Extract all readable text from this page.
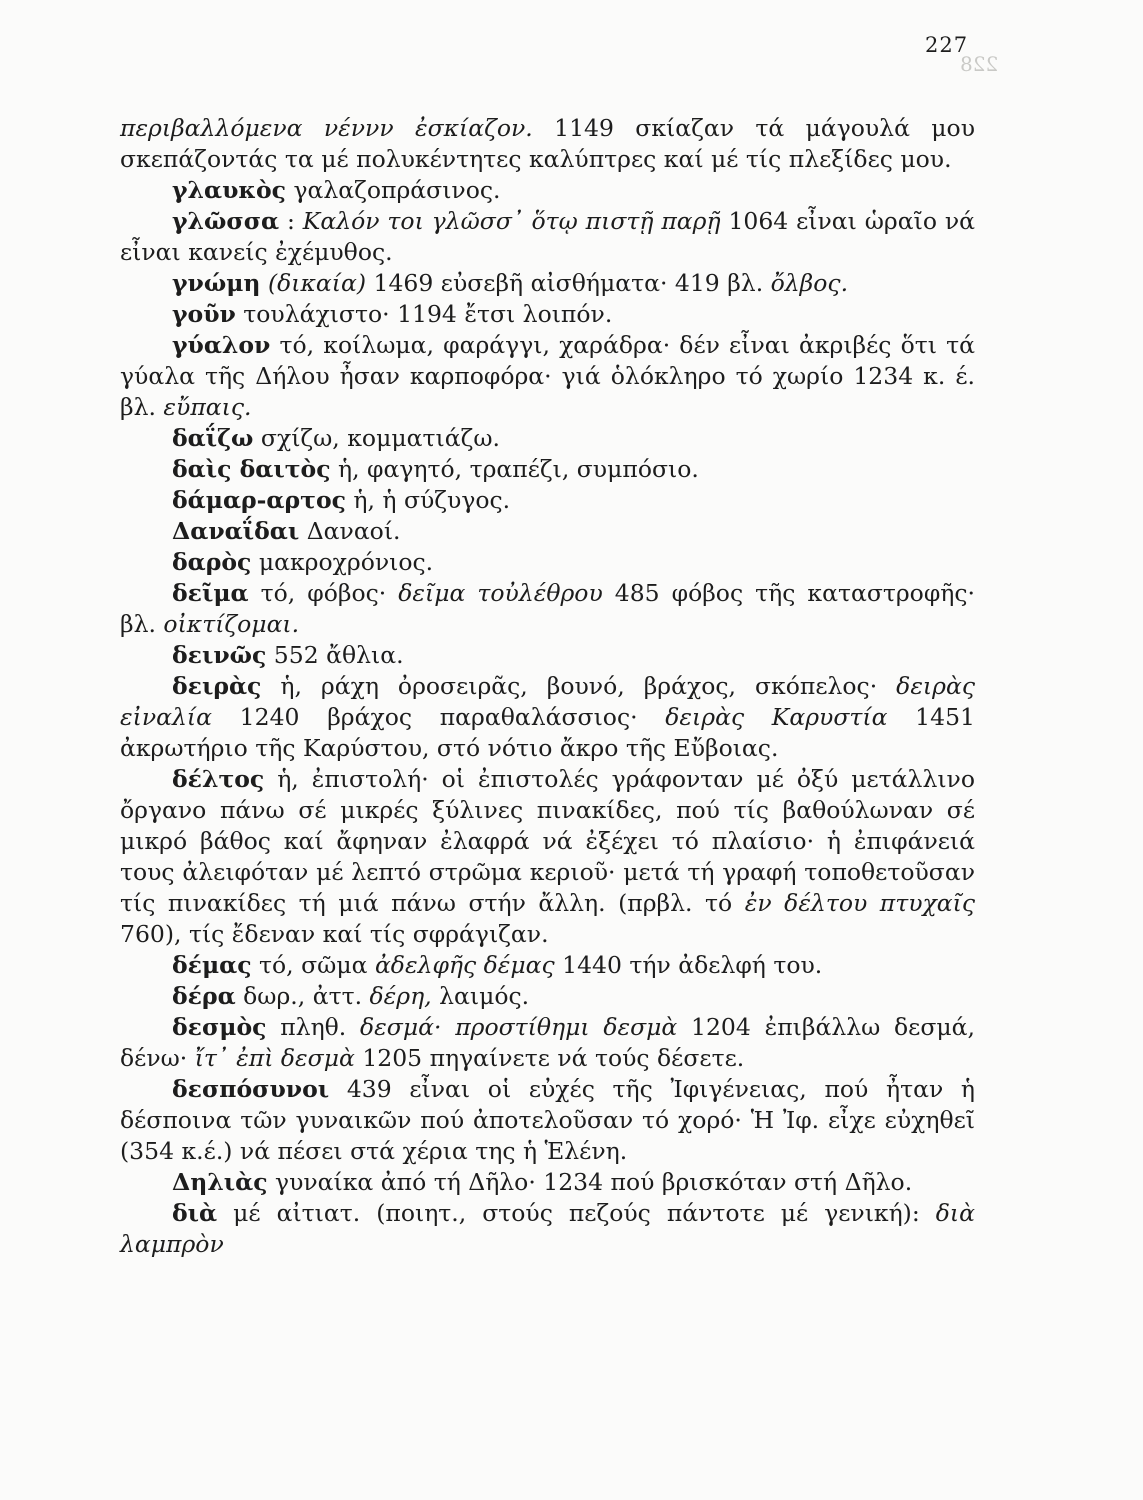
227
228

περιβαλλόμενα νέννν ἐσκίαζον. 1149 σκίαζαν τά μάγουλά μου σκεπάζοντάς τα μέ πολυκέντητες καλύπτρες καί μέ τίς πλεξίδες μου.

γλαυκὸς γαλαζοπράσινος.

γλῶσσα : Καλόν τοι γλῶσσ᾿ ὅτῳ πιστῇ παρῇ 1064 εἶναι ὡραῖο νά εἶναι κανείς ἐχέμυθος.

γνώμη (δικαία) 1469 εὐσεβῆ αἰσθήματα· 419 βλ. ὄλβος.

γοῦν τουλάχιστο· 1194 ἔτσι λοιπόν.

γύαλον τό, κοίλωμα, φαράγγι, χαράδρα· δέν εἶναι ἀκριβές ὅτι τά γύαλα τῆς Δήλου ἦσαν καρποφόρα· γιά ὁλόκληρο τό χωρίο 1234 κ. έ. βλ. εὔπαις.

δαΐζω σχίζω, κομματιάζω.

δαὶς δαιτὸς ἡ, φαγητό, τραπέζι, συμπόσιο.

δάμαρ-αρτος ἡ, ἡ σύζυγος.

Δαναΐδαι Δαναοί.

δαρὸς μακροχρόνιος.

δεῖμα τό, φόβος· δεῖμα τοὐλέθρου 485 φόβος τῆς καταστροφῆς· βλ. οἰκτίζομαι.

δεινῶς 552 ἄθλια.

δειρὰς ἡ, ράχη ὀροσειρᾶς, βουνό, βράχος, σκόπελος· δειρὰς εἰναλία 1240 βράχος παραθαλάσσιος· δειρὰς Καρυστία 1451 ἀκρωτήριο τῆς Καρύστου, στό νότιο ἄκρο τῆς Εὔβοιας.

δέλτος ἡ, ἐπιστολή· οἱ ἐπιστολές γράφονταν μέ ὀξύ μετάλλινο ὄργανο πάνω σέ μικρές ξύλινες πινακίδες, πού τίς βαθούλωναν σέ μικρό βάθος καί ἄφηναν ἐλαφρά νά ἐξέχει τό πλαίσιο· ἡ ἐπιφάνειά τους ἀλειφόταν μέ λεπτό στρῶμα κεριοῦ· μετά τή γραφή τοποθετοῦσαν τίς πινακίδες τή μιά πάνω στήν ἄλλη. (πρβλ. τό ἐν δέλτου πτυχαῖς 760), τίς ἔδεναν καί τίς σφράγιζαν.

δέμας τό, σῶμα ἀδελφῆς δέμας 1440 τήν ἀδελφή του.

δέρα δωρ., ἀττ. δέρη, λαιμός.

δεσμὸς πληθ. δεσμά· προστίθημι δεσμὰ 1204 ἐπιβάλλω δεσμά, δένω· ἴτ᾿ ἐπὶ δεσμὰ 1205 πηγαίνετε νά τούς δέσετε.

δεσπόσυνοι 439 εἶναι οἱ εὐχές τῆς Ἰφιγένειας, πού ἦταν ἡ δέσποινα τῶν γυναικῶν πού ἀποτελοῦσαν τό χορό· Ἡ Ἰφ. εἶχε εὐχηθεῖ (354 κ.έ.) νά πέσει στά χέρια της ἡ Ἑλένη.

Δηλιὰς γυναίκα ἀπό τή Δῆλο· 1234 πού βρισκόταν στή Δῆλο.

διὰ μέ αἰτιατ. (ποιητ., στούς πεζούς πάντοτε μέ γενική): διὰ λαμπρὸν
